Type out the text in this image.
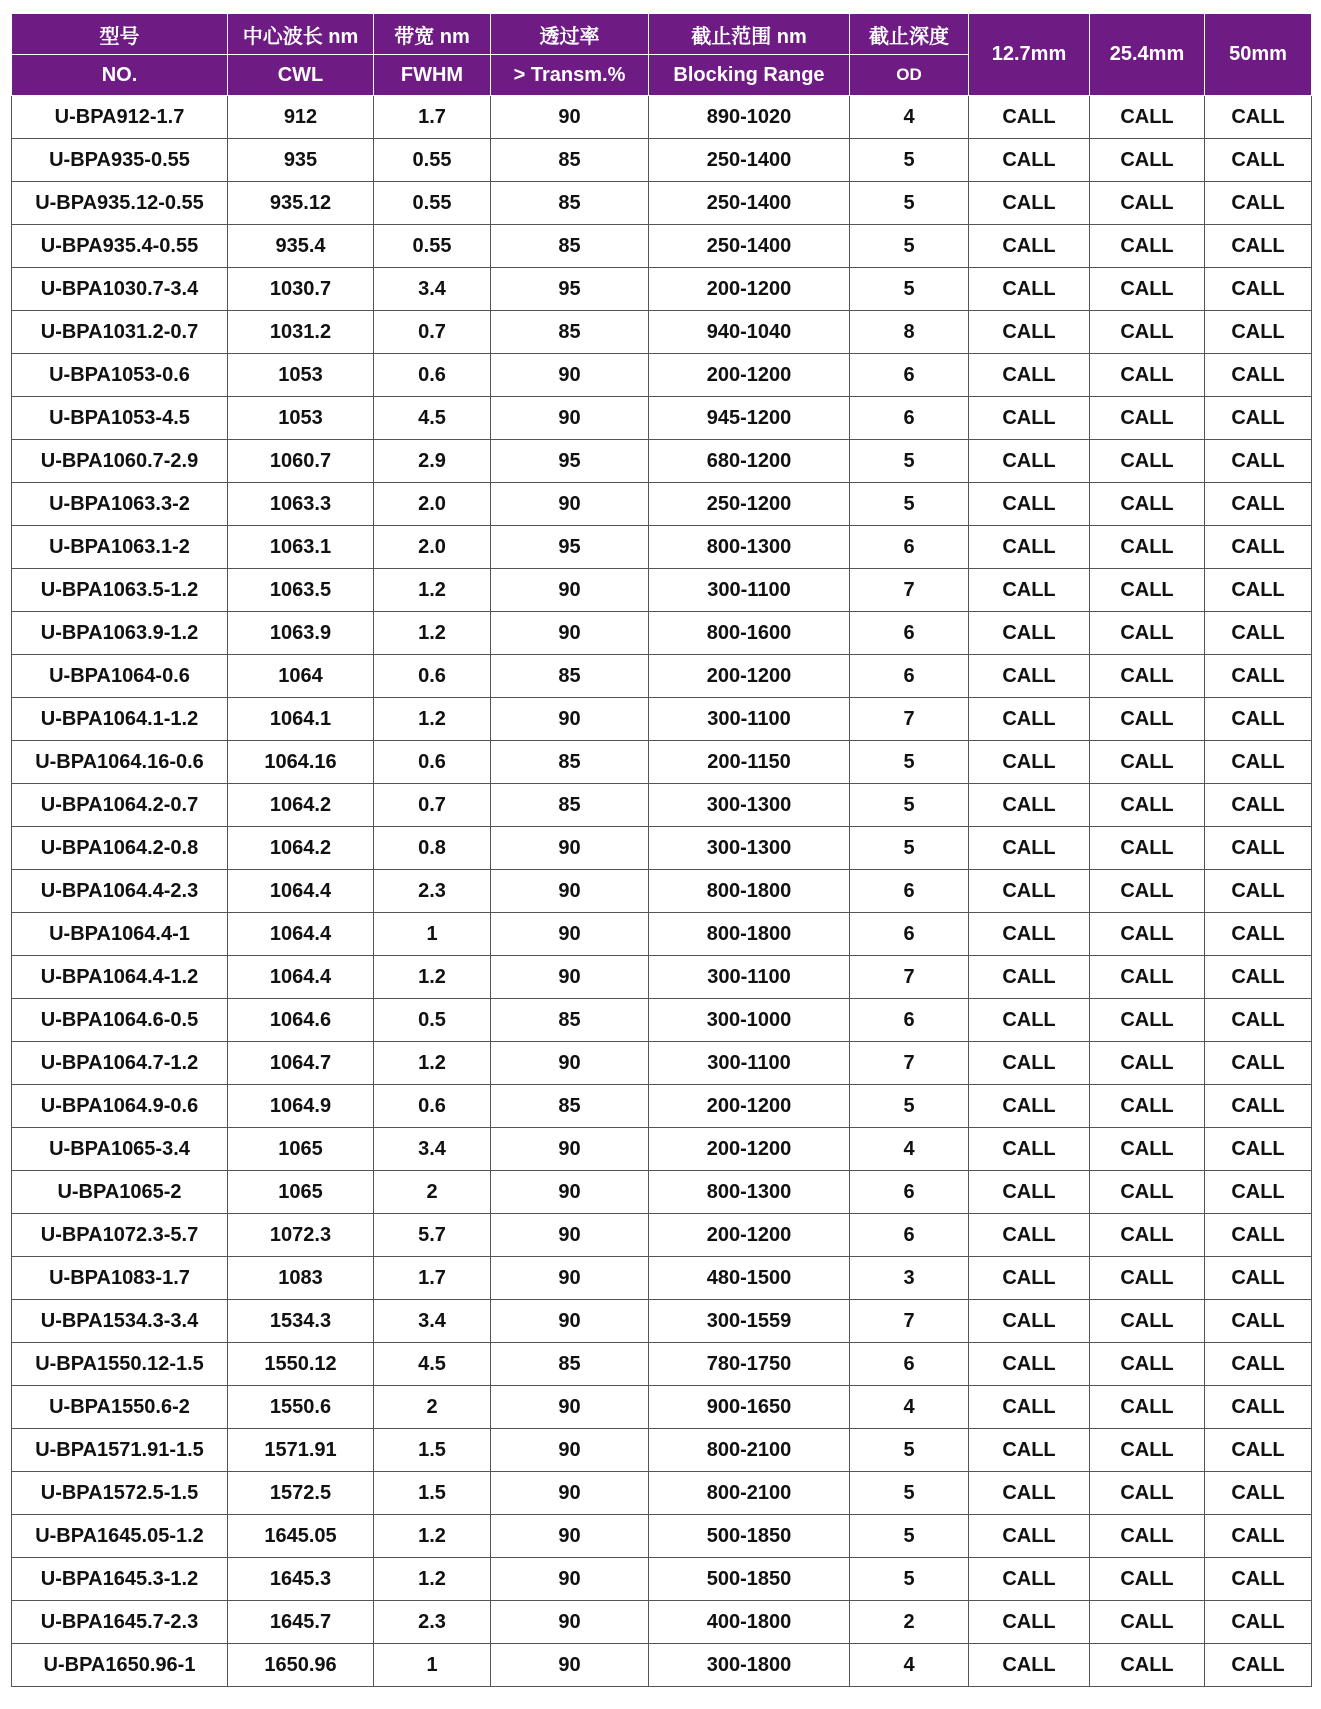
型号	中心波长 nm	带宽 nm	透过率	截止范围 nm	截止深度	12.7mm	25.4mm	50mm
NO.	CWL	FWHM	> Transm.%	Blocking Range	OD			
U-BPA912-1.7	912	1.7	90	890-1020	4	CALL	CALL	CALL
U-BPA935-0.55	935	0.55	85	250-1400	5	CALL	CALL	CALL
U-BPA935.12-0.55	935.12	0.55	85	250-1400	5	CALL	CALL	CALL
U-BPA935.4-0.55	935.4	0.55	85	250-1400	5	CALL	CALL	CALL
U-BPA1030.7-3.4	1030.7	3.4	95	200-1200	5	CALL	CALL	CALL
U-BPA1031.2-0.7	1031.2	0.7	85	940-1040	8	CALL	CALL	CALL
U-BPA1053-0.6	1053	0.6	90	200-1200	6	CALL	CALL	CALL
U-BPA1053-4.5	1053	4.5	90	945-1200	6	CALL	CALL	CALL
U-BPA1060.7-2.9	1060.7	2.9	95	680-1200	5	CALL	CALL	CALL
U-BPA1063.3-2	1063.3	2.0	90	250-1200	5	CALL	CALL	CALL
U-BPA1063.1-2	1063.1	2.0	95	800-1300	6	CALL	CALL	CALL
U-BPA1063.5-1.2	1063.5	1.2	90	300-1100	7	CALL	CALL	CALL
U-BPA1063.9-1.2	1063.9	1.2	90	800-1600	6	CALL	CALL	CALL
U-BPA1064-0.6	1064	0.6	85	200-1200	6	CALL	CALL	CALL
U-BPA1064.1-1.2	1064.1	1.2	90	300-1100	7	CALL	CALL	CALL
U-BPA1064.16-0.6	1064.16	0.6	85	200-1150	5	CALL	CALL	CALL
U-BPA1064.2-0.7	1064.2	0.7	85	300-1300	5	CALL	CALL	CALL
U-BPA1064.2-0.8	1064.2	0.8	90	300-1300	5	CALL	CALL	CALL
U-BPA1064.4-2.3	1064.4	2.3	90	800-1800	6	CALL	CALL	CALL
U-BPA1064.4-1	1064.4	1	90	800-1800	6	CALL	CALL	CALL
U-BPA1064.4-1.2	1064.4	1.2	90	300-1100	7	CALL	CALL	CALL
U-BPA1064.6-0.5	1064.6	0.5	85	300-1000	6	CALL	CALL	CALL
U-BPA1064.7-1.2	1064.7	1.2	90	300-1100	7	CALL	CALL	CALL
U-BPA1064.9-0.6	1064.9	0.6	85	200-1200	5	CALL	CALL	CALL
U-BPA1065-3.4	1065	3.4	90	200-1200	4	CALL	CALL	CALL
U-BPA1065-2	1065	2	90	800-1300	6	CALL	CALL	CALL
U-BPA1072.3-5.7	1072.3	5.7	90	200-1200	6	CALL	CALL	CALL
U-BPA1083-1.7	1083	1.7	90	480-1500	3	CALL	CALL	CALL
U-BPA1534.3-3.4	1534.3	3.4	90	300-1559	7	CALL	CALL	CALL
U-BPA1550.12-1.5	1550.12	4.5	85	780-1750	6	CALL	CALL	CALL
U-BPA1550.6-2	1550.6	2	90	900-1650	4	CALL	CALL	CALL
U-BPA1571.91-1.5	1571.91	1.5	90	800-2100	5	CALL	CALL	CALL
U-BPA1572.5-1.5	1572.5	1.5	90	800-2100	5	CALL	CALL	CALL
U-BPA1645.05-1.2	1645.05	1.2	90	500-1850	5	CALL	CALL	CALL
U-BPA1645.3-1.2	1645.3	1.2	90	500-1850	5	CALL	CALL	CALL
U-BPA1645.7-2.3	1645.7	2.3	90	400-1800	2	CALL	CALL	CALL
U-BPA1650.96-1	1650.96	1	90	300-1800	4	CALL	CALL	CALL
